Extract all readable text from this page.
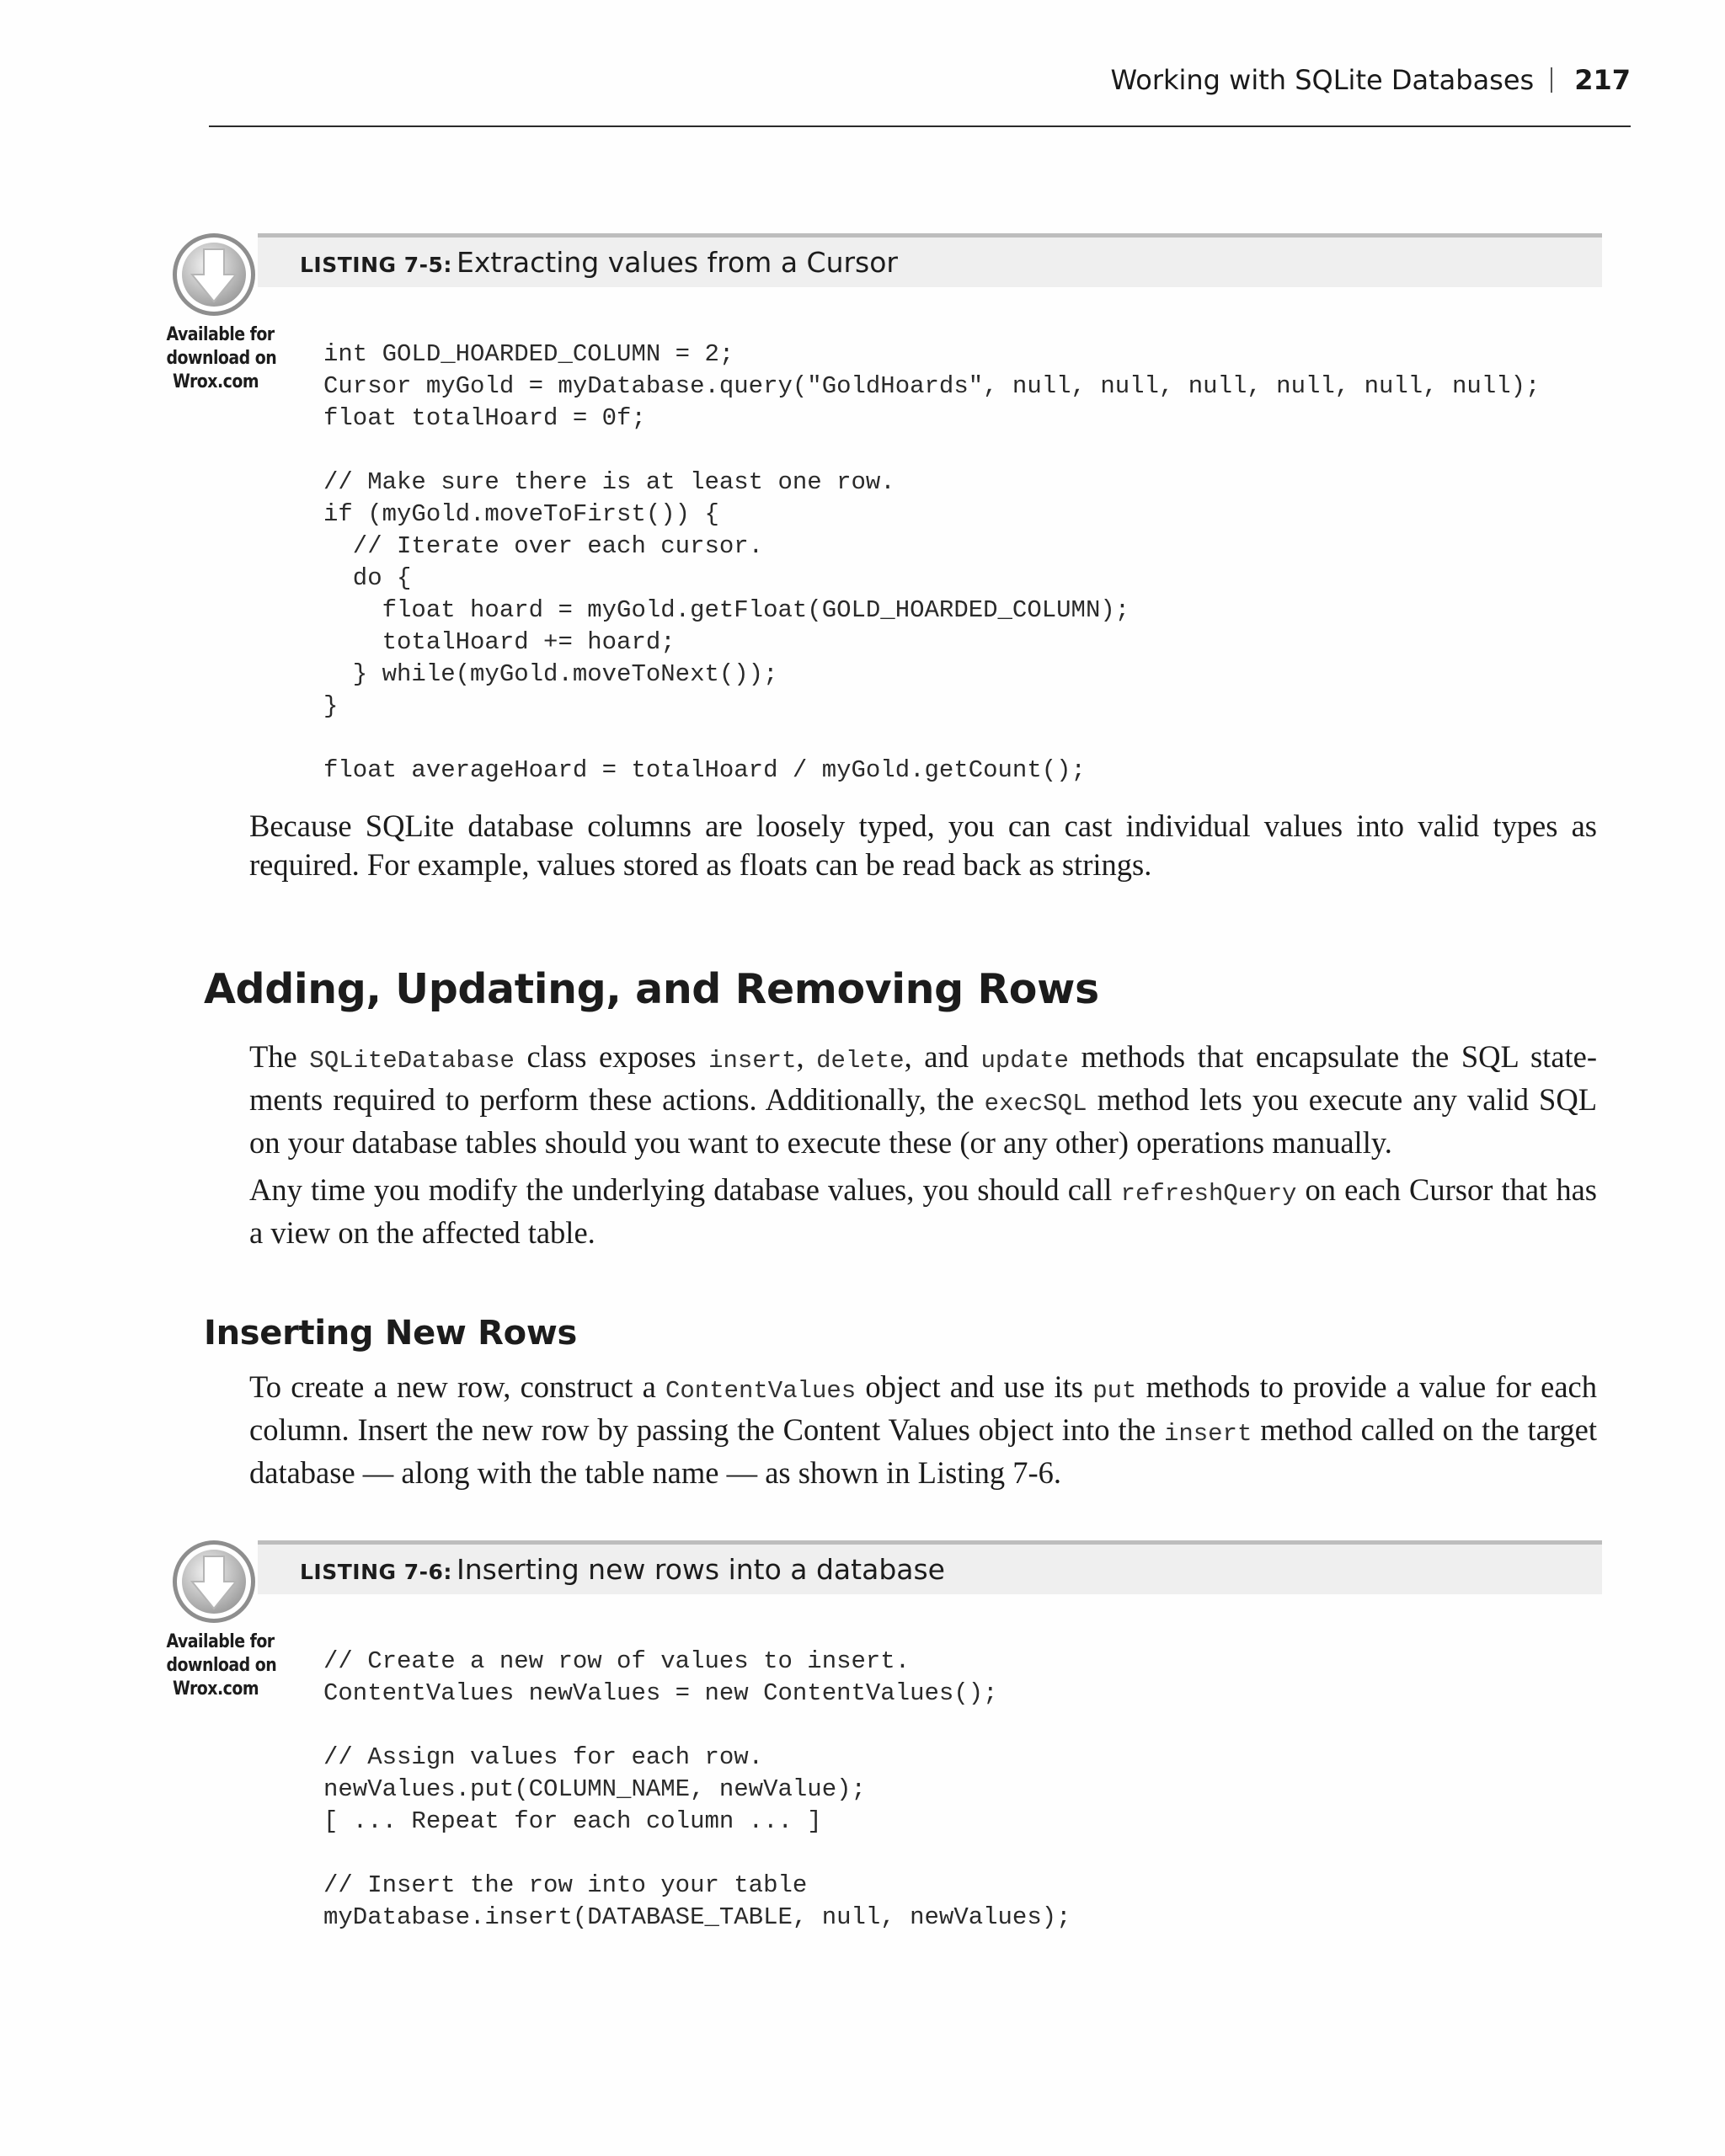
Working with SQLite Databases 217
Available for
download on
Wrox.com
LISTING 7-5: Extracting values from a Cursor
int GOLD_HOARDED_COLUMN = 2;
Cursor myGold = myDatabase.query("GoldHoards", null, null, null, null, null, null);
float totalHoard = 0f;

// Make sure there is at least one row.
if (myGold.moveToFirst()) {
// Iterate over each cursor.
do {
float hoard = myGold.getFloat(GOLD_HOARDED_COLUMN);
totalHoard += hoard;
} while(myGold.moveToNext());
}

float averageHoard = totalHoard / myGold.getCount();

Because SQLite database columns are loosely typed, you can cast individual values into valid types as required. For example, values stored as floats can be read back as strings.

Adding, Updating, and Removing Rows

The SQLiteDatabase class exposes insert, delete, and update methods that encapsulate the SQL statements required to perform these actions. Additionally, the execSQL method lets you execute any valid SQL on your database tables should you want to execute these (or any other) operations manually.

Any time you modify the underlying database values, you should call refreshQuery on each Cursor that has a view on the affected table.

Inserting New Rows

To create a new row, construct a ContentValues object and use its put methods to provide a value for each column. Insert the new row by passing the Content Values object into the insert method called on the target database — along with the table name — as shown in Listing 7-6.

Available for
download on
Wrox.com
LISTING 7-6: Inserting new rows into a database
// Create a new row of values to insert.
ContentValues newValues = new ContentValues();

// Assign values for each row.
newValues.put(COLUMN_NAME, newValue);
[ ... Repeat for each column ... ]

// Insert the row into your table
myDatabase.insert(DATABASE_TABLE, null, newValues);
